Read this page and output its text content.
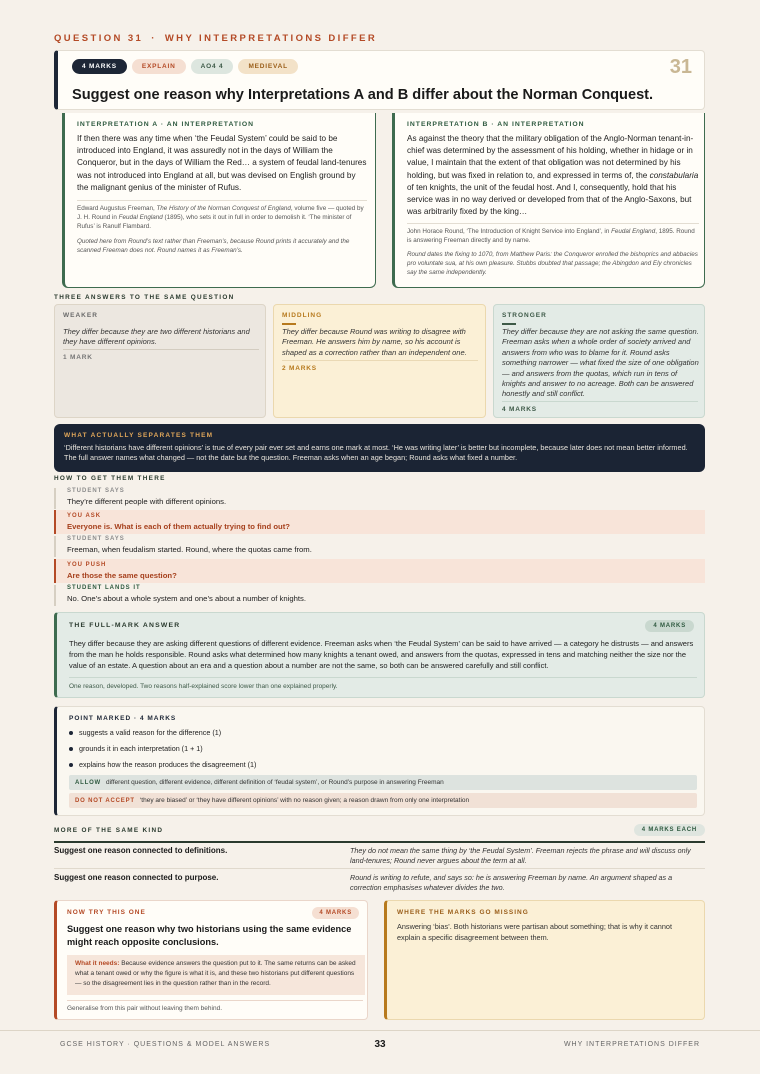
QUESTION 31 · WHY INTERPRETATIONS DIFFER
4 MARKS	EXPLAIN	AO4 4	MEDIEVAL	31
Suggest one reason why Interpretations A and B differ about the Norman Conquest.
INTERPRETATION A · AN INTERPRETATION
If then there was any time when ‘the Feudal System’ could be said to be introduced into England, it was assuredly not in the days of William the Conqueror, but in the days of William the Red… a system of feudal land-tenures was not introduced into England at all, but was devised on English ground by the malignant genius of the minister of Rufus.
Edward Augustus Freeman, The History of the Norman Conquest of England, volume five — quoted by J. H. Round in Feudal England (1895), who sets it out in full in order to demolish it. ‘The minister of Rufus’ is Ranulf Flambard.
Quoted here from Round’s text rather than Freeman’s, because Round prints it accurately and the scanned Freeman does not. Round names it as Freeman’s.
INTERPRETATION B · AN INTERPRETATION
As against the theory that the military obligation of the Anglo-Norman tenant-in-chief was determined by the assessment of his holding, whether in hidage or in value, I maintain that the extent of that obligation was not determined by his holding, but was fixed in relation to, and expressed in terms of, the constabularia of ten knights, the unit of the feudal host. And I, consequently, hold that his service was in no way derived or developed from that of the Anglo-Saxons, but was arbitrarily fixed by the king…
John Horace Round, ‘The Introduction of Knight Service into England’, in Feudal England, 1895. Round is answering Freeman directly and by name.
Round dates the fixing to 1070, from Matthew Paris: the Conqueror enrolled the bishoprics and abbacies pro voluntate sua, at his own pleasure. Stubbs doubted that passage; the Abingdon and Ely chronicles say the same independently.
THREE ANSWERS TO THE SAME QUESTION
WEAKER
They differ because they are two different historians and they have different opinions.
1 MARK
MIDDLING
They differ because Round was writing to disagree with Freeman. He answers him by name, so his account is shaped as a correction rather than an independent one.
2 MARKS
STRONGER
They differ because they are not asking the same question. Freeman asks when a whole order of society arrived and answers from who was to blame for it. Round asks something narrower — what fixed the size of one obligation — and answers from the quotas, which run in tens of knights and answer to no acreage. Both can be answered honestly and still conflict.
4 MARKS
WHAT ACTUALLY SEPARATES THEM
‘Different historians have different opinions’ is true of every pair ever set and earns one mark at most. ‘He was writing later’ is better but incomplete, because later does not mean better informed. The full answer names what changed — not the date but the question. Freeman asks when an age began; Round asks what fixed a number.
HOW TO GET THEM THERE
STUDENT SAYS
They’re different people with different opinions.
YOU ASK
Everyone is. What is each of them actually trying to find out?
STUDENT SAYS
Freeman, when feudalism started. Round, where the quotas came from.
YOU PUSH
Are those the same question?
STUDENT LANDS IT
No. One’s about a whole system and one’s about a number of knights.
THE FULL-MARK ANSWER	4 MARKS
They differ because they are asking different questions of different evidence. Freeman asks when ‘the Feudal System’ can be said to have arrived — a category he distrusts — and answers from the man he holds responsible. Round asks what determined how many knights a tenant owed, and answers from the quotas, expressed in tens and matching neither the size nor the value of an estate. A question about an era and a question about a number are not the same, so both can be answered carefully and still conflict.
One reason, developed. Two reasons half-explained score lower than one explained properly.
POINT MARKED · 4 MARKS
suggests a valid reason for the difference (1)
grounds it in each interpretation (1 + 1)
explains how the reason produces the disagreement (1)
ALLOW different question, different evidence, different definition of ‘feudal system’, or Round’s purpose in answering Freeman
DO NOT ACCEPT ‘they are biased’ or ‘they have different opinions’ with no reason given; a reason drawn from only one interpretation
MORE OF THE SAME KIND	4 MARKS EACH
Suggest one reason connected to definitions.	They do not mean the same thing by ‘the Feudal System’. Freeman rejects the phrase and will discuss only land-tenures; Round never argues about the term at all.
Suggest one reason connected to purpose.	Round is writing to refute, and says so: he is answering Freeman by name. An argument shaped as a correction emphasises whatever divides the two.
NOW TRY THIS ONE	4 MARKS
Suggest one reason why two historians using the same evidence might reach opposite conclusions.
What it needs: Because evidence answers the question put to it. The same returns can be asked what a tenant owed or why the figure is what it is, and these two historians put different questions — so the disagreement lies in the question rather than in the record.
Generalise from this pair without leaving them behind.
WHERE THE MARKS GO MISSING
Answering ‘bias’. Both historians were partisan about something; that is why it cannot explain a specific disagreement between them.
GCSE HISTORY · QUESTIONS & MODEL ANSWERS	33	WHY INTERPRETATIONS DIFFER
